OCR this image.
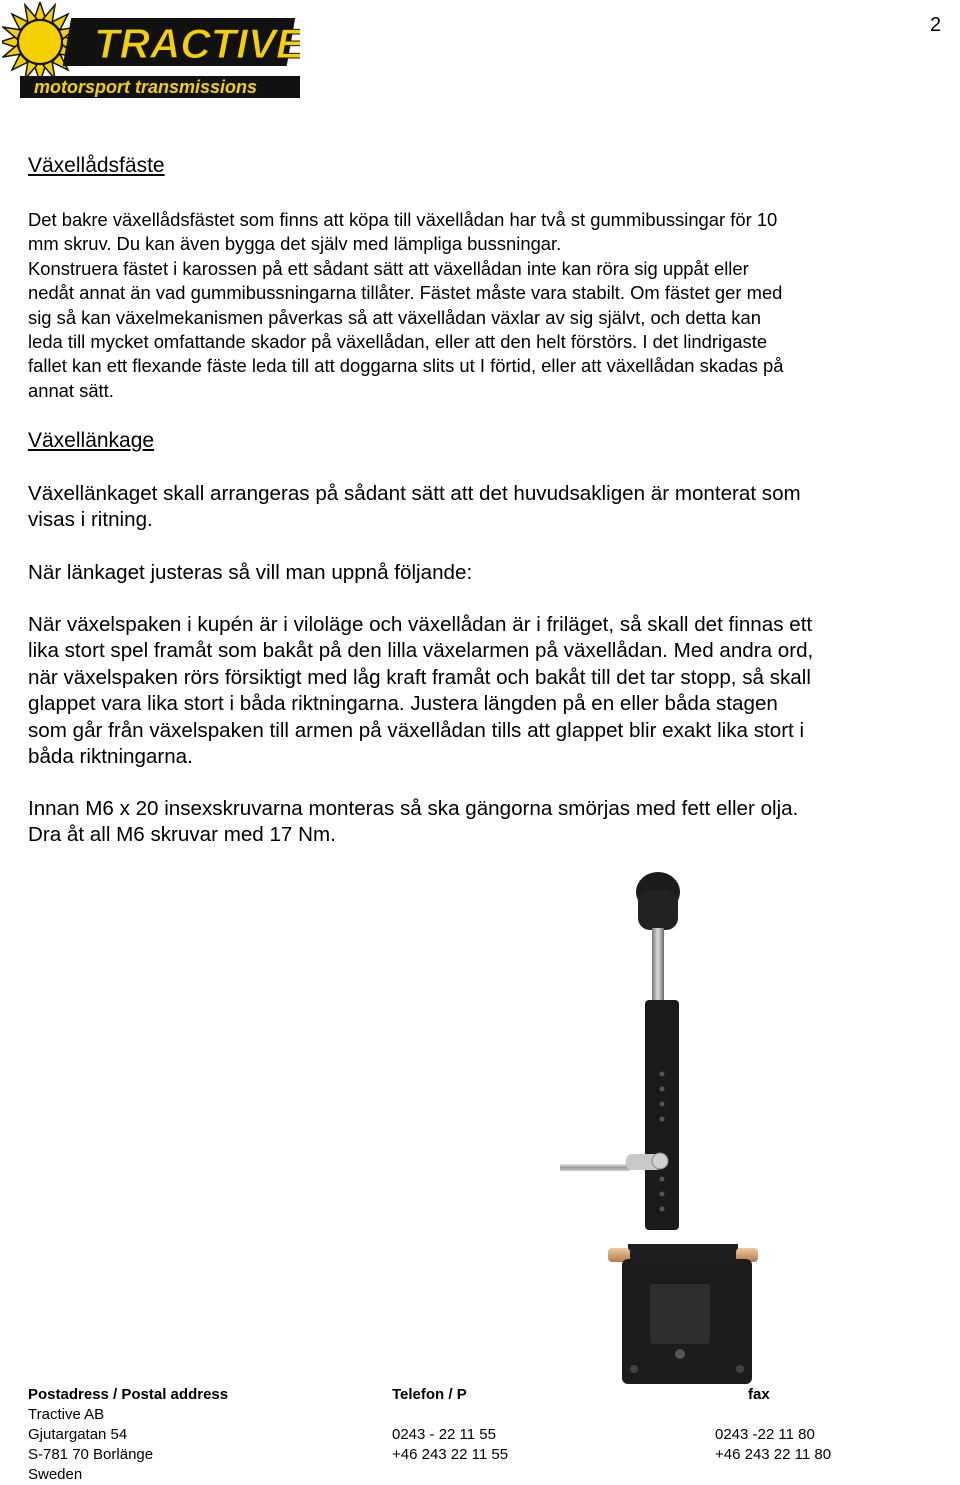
2
TRACTIVE
motorsport transmissions
Växellådsfäste
Det bakre växellådsfästet som finns att köpa till växellådan har två st gummibussingar för 10
mm skruv. Du kan även bygga det själv med lämpliga bussningar.
Konstruera fästet i karossen på ett sådant sätt att växellådan inte kan röra sig uppåt eller
nedåt annat än vad gummibussningarna tillåter. Fästet måste vara stabilt. Om fästet ger med
sig så kan växelmekanismen påverkas så att växellådan växlar av sig självt, och detta kan
leda till mycket omfattande skador på växellådan, eller att den helt förstörs. I det lindrigaste
fallet kan ett flexande fäste leda till att doggarna slits ut I förtid, eller att växellådan skadas på
annat sätt.
Växellänkage
Växellänkaget skall arrangeras på sådant sätt att det huvudsakligen är monterat som
visas i ritning.
När länkaget justeras så vill man uppnå följande:
När växelspaken i kupén är i viloläge och växellådan är i friläget, så skall det finnas ett
lika stort spel framåt som bakåt på den lilla växelarmen på växellådan. Med andra ord,
när växelspaken rörs försiktigt med låg kraft framåt och bakåt till det tar stopp, så skall
glappet vara lika stort i båda riktningarna. Justera längden på en eller båda stagen
som går från växelspaken till armen på växellådan tills att glappet blir exakt lika stort i
båda riktningarna.
Innan M6 x 20 insexskruvarna monteras så ska gängorna smörjas med fett eller olja.
Dra åt all M6 skruvar med 17 Nm.
Postadress / Postal address
Tractive AB
Gjutargatan 54
S-781 70 Borlänge
Sweden
Telefon / P
0243 - 22 11 55
+46 243 22 11 55
fax
0243 -22 11 80
+46 243 22 11 80
